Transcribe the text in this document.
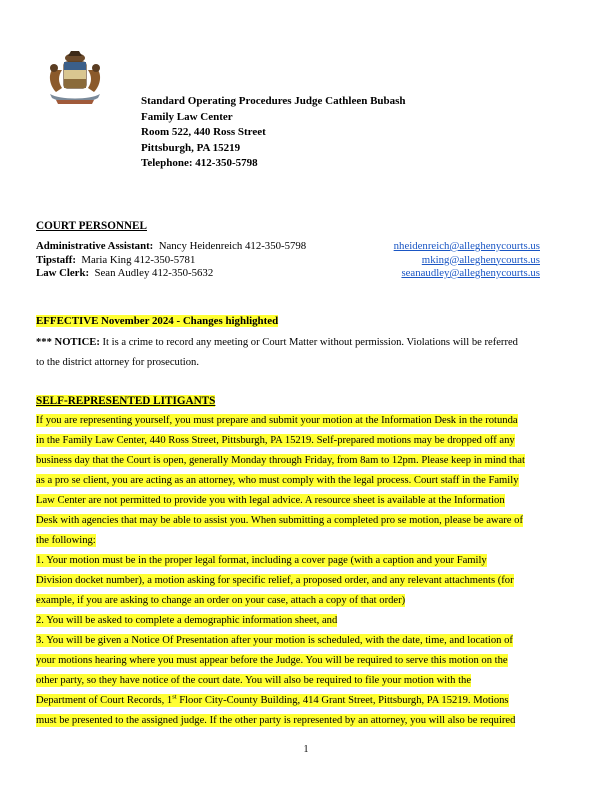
Standard Operating Procedures Judge Cathleen Bubash
Family Law Center
Room 522, 440 Ross Street
Pittsburgh, PA 15219
Telephone: 412-350-5798
COURT PERSONNEL
Administrative Assistant: Nancy Heidenreich 412-350-5798	nheidenreich@alleghenycourts.us
Tipstaff: Maria King 412-350-5781	mking@alleghenycourts.us
Law Clerk: Sean Audley 412-350-5632	seanaudley@alleghenycourts.us
EFFECTIVE November 2024 - Changes highlighted
*** NOTICE: It is a crime to record any meeting or Court Matter without permission. Violations will be referred
to the district attorney for prosecution.
SELF-REPRESENTED LITIGANTS
If you are representing yourself, you must prepare and submit your motion at the Information Desk in the rotunda
in the Family Law Center, 440 Ross Street, Pittsburgh, PA 15219. Self-prepared motions may be dropped off any
business day that the Court is open, generally Monday through Friday, from 8am to 12pm. Please keep in mind that
as a pro se client, you are acting as an attorney, who must comply with the legal process. Court staff in the Family
Law Center are not permitted to provide you with legal advice. A resource sheet is available at the Information
Desk with agencies that may be able to assist you. When submitting a completed pro se motion, please be aware of
the following:
1. Your motion must be in the proper legal format, including a cover page (with a caption and your Family
Division docket number), a motion asking for specific relief, a proposed order, and any relevant attachments (for
example, if you are asking to change an order on your case, attach a copy of that order)
2. You will be asked to complete a demographic information sheet, and
3. You will be given a Notice Of Presentation after your motion is scheduled, with the date, time, and location of
your motions hearing where you must appear before the Judge. You will be required to serve this motion on the
other party, so they have notice of the court date. You will also be required to file your motion with the
Department of Court Records, 1st Floor City-County Building, 414 Grant Street, Pittsburgh, PA 15219. Motions
must be presented to the assigned judge. If the other party is represented by an attorney, you will also be required
1
